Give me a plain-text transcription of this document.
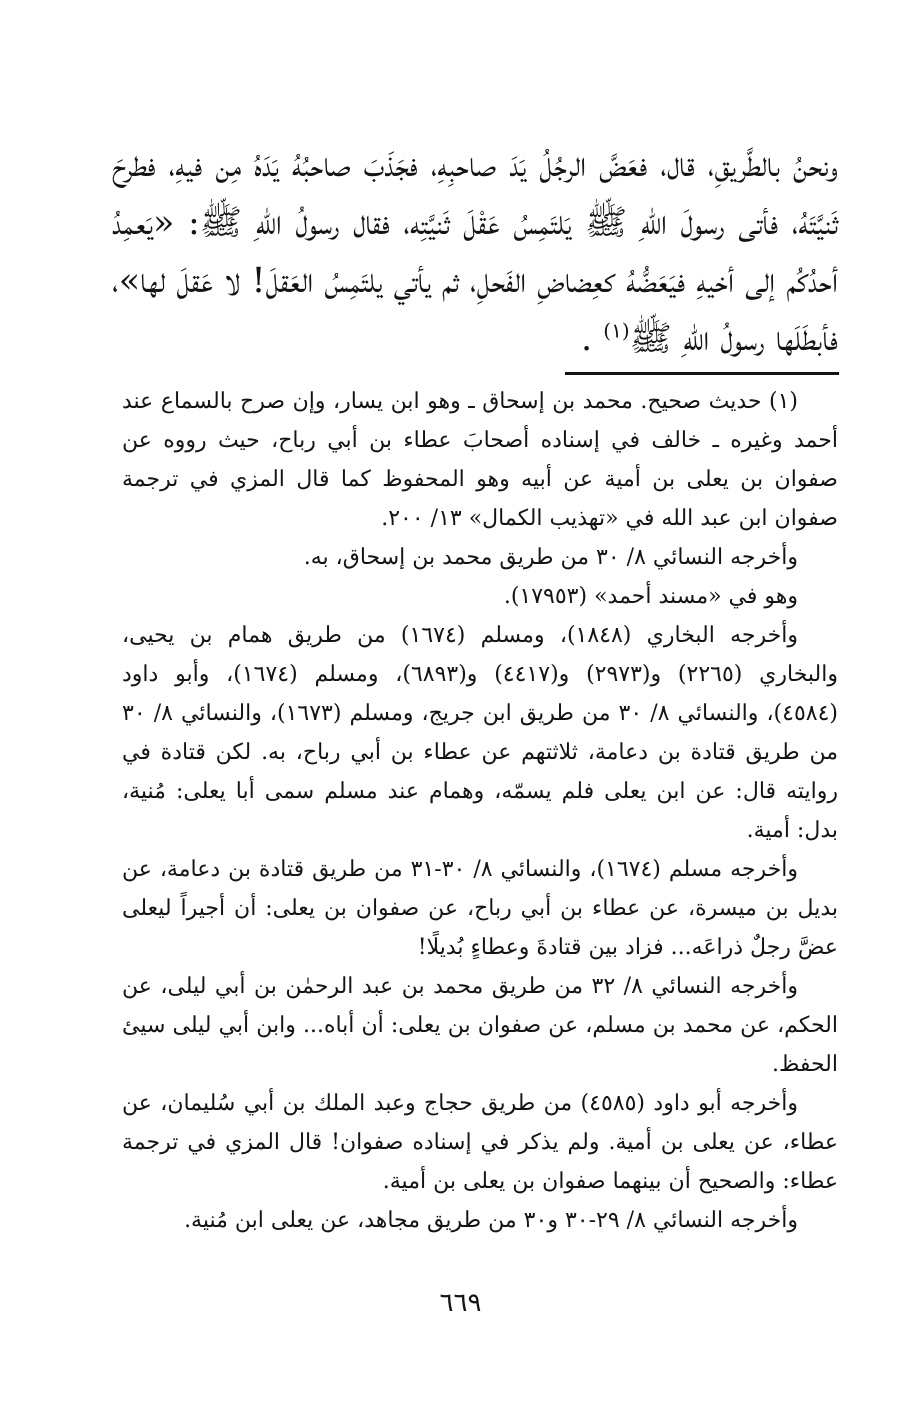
ونحنُ بالطَّريقِ، قال، فعَضَّ الرجُلُ يَدَ صاحبِهِ، فجَذَبَ صاحبُهُ يَدَهُ مِن فيهِ، فطرحَ ثَنيَّتَهُ، فأتى رسولَ اللهِ ﷺ يَلتَمِسُ عَقْلَ ثَنيَّتِه، فقال رسولُ اللهِ ﷺ: «يَعمِدُ أحدُكُم إلى أخيهِ فيَعَضُّهُ كعِضاضِ الفَحلِ، ثم يأتي يلتَمِسُ العَقلَ! لا عَقلَ لها»، فأبطَلَها رسولُ اللهِ ﷺ$^{(١)}$ .

(١) حديث صحيح. محمد بن إسحاق ـ وهو ابن يسار، وإن صرح بالسماع عند أحمد وغيره ـ خالف في إسناده أصحابَ عطاء بن أبي رباح، حيث رووه عن صفوان بن يعلى بن أمية عن أبيه وهو المحفوظ كما قال المزي في ترجمة صفوان ابن عبد الله في «تهذيب الكمال» ١٣/ ٢٠٠.

وأخرجه النسائي ٨/ ٣٠ من طريق محمد بن إسحاق، به.

وهو في «مسند أحمد» (١٧٩٥٣).

وأخرجه البخاري (١٨٤٨)، ومسلم (١٦٧٤) من طريق همام بن يحيى، والبخاري (٢٢٦٥) و(٢٩٧٣) و(٤٤١٧) و(٦٨٩٣)، ومسلم (١٦٧٤)، وأبو داود (٤٥٨٤)، والنسائي ٨/ ٣٠ من طريق ابن جريج، ومسلم (١٦٧٣)، والنسائي ٨/ ٣٠ من طريق قتادة بن دعامة، ثلاثتهم عن عطاء بن أبي رباح، به. لكن قتادة في روايته قال: عن ابن يعلى فلم يسمّه، وهمام عند مسلم سمى أبا يعلى: مُنية، بدل: أمية.

وأخرجه مسلم (١٦٧٤)، والنسائي ٨/ ٣٠-٣١ من طريق قتادة بن دعامة، عن بديل بن ميسرة، عن عطاء بن أبي رباح، عن صفوان بن يعلى: أن أجيراً ليعلى عضَّ رجلٌ ذراعَه... فزاد بين قتادةَ وعطاءٍ بُديلًا!

وأخرجه النسائي ٨/ ٣٢ من طريق محمد بن عبد الرحمٰن بن أبي ليلى، عن الحكم، عن محمد بن مسلم، عن صفوان بن يعلى: أن أباه... وابن أبي ليلى سيئ الحفظ.

وأخرجه أبو داود (٤٥٨٥) من طريق حجاج وعبد الملك بن أبي سُليمان، عن عطاء، عن يعلى بن أمية. ولم يذكر في إسناده صفوان! قال المزي في ترجمة عطاء: والصحيح أن بينهما صفوان بن يعلى بن أمية.

وأخرجه النسائي ٨/ ٢٩-٣٠ و٣٠ من طريق مجاهد، عن يعلى ابن مُنية.

٦٦٩
